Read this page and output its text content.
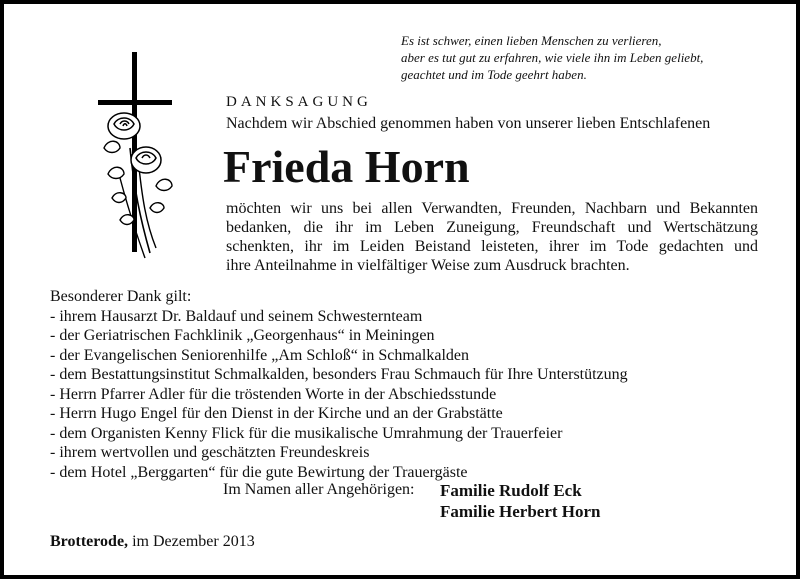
Es ist schwer, einen lieben Menschen zu verlieren,
aber es tut gut zu erfahren, wie viele ihn im Leben geliebt,
geachtet und im Tode geehrt haben.
DANKSAGUNG
Nachdem wir Abschied genommen haben von unserer lieben Entschlafenen
Frieda Horn
möchten wir uns bei allen Verwandten, Freunden, Nachbarn und Bekannten
bedanken, die ihr im Leben Zuneigung, Freundschaft und Wertschätzung
schenkten, ihr im Leiden Beistand leisteten, ihrer im Tode gedachten und
ihre Anteilnahme in vielfältiger Weise zum Ausdruck brachten.
Besonderer Dank gilt:
- ihrem Hausarzt Dr. Baldauf und seinem Schwesternteam
- der Geriatrischen Fachklinik „Georgenhaus“ in Meiningen
- der Evangelischen Seniorenhilfe „Am Schloß“ in Schmalkalden
- dem Bestattungsinstitut Schmalkalden, besonders Frau Schmauch für Ihre Unterstützung
- Herrn Pfarrer Adler für die tröstenden Worte in der Abschiedsstunde
- Herrn Hugo Engel für den Dienst in der Kirche und an der Grabstätte
- dem Organisten Kenny Flick für die musikalische Umrahmung der Trauerfeier
- ihrem wertvollen und geschätzten Freundeskreis
- dem Hotel „Berggarten“ für die gute Bewirtung der Trauergäste
Im Namen aller Angehörigen: Familie Rudolf Eck
Familie Herbert Horn
Brotterode, im Dezember 2013
